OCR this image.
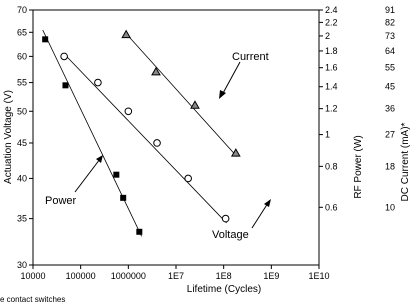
10000 100000 1000000 1E7	1E8	1E9	1E10
30
35
40
45
50
55
60
65
70
0.6
0.8
1
1.2
1.4
1.6
1.8
2
2.2
2.4
10
18
27
36
45
55
64
73
82
91
Current
Voltage
Power
Lifetime (Cycles)
Actuation Voltage (V)	RF Power (W)	DC Current (mA)*
e contact switches
